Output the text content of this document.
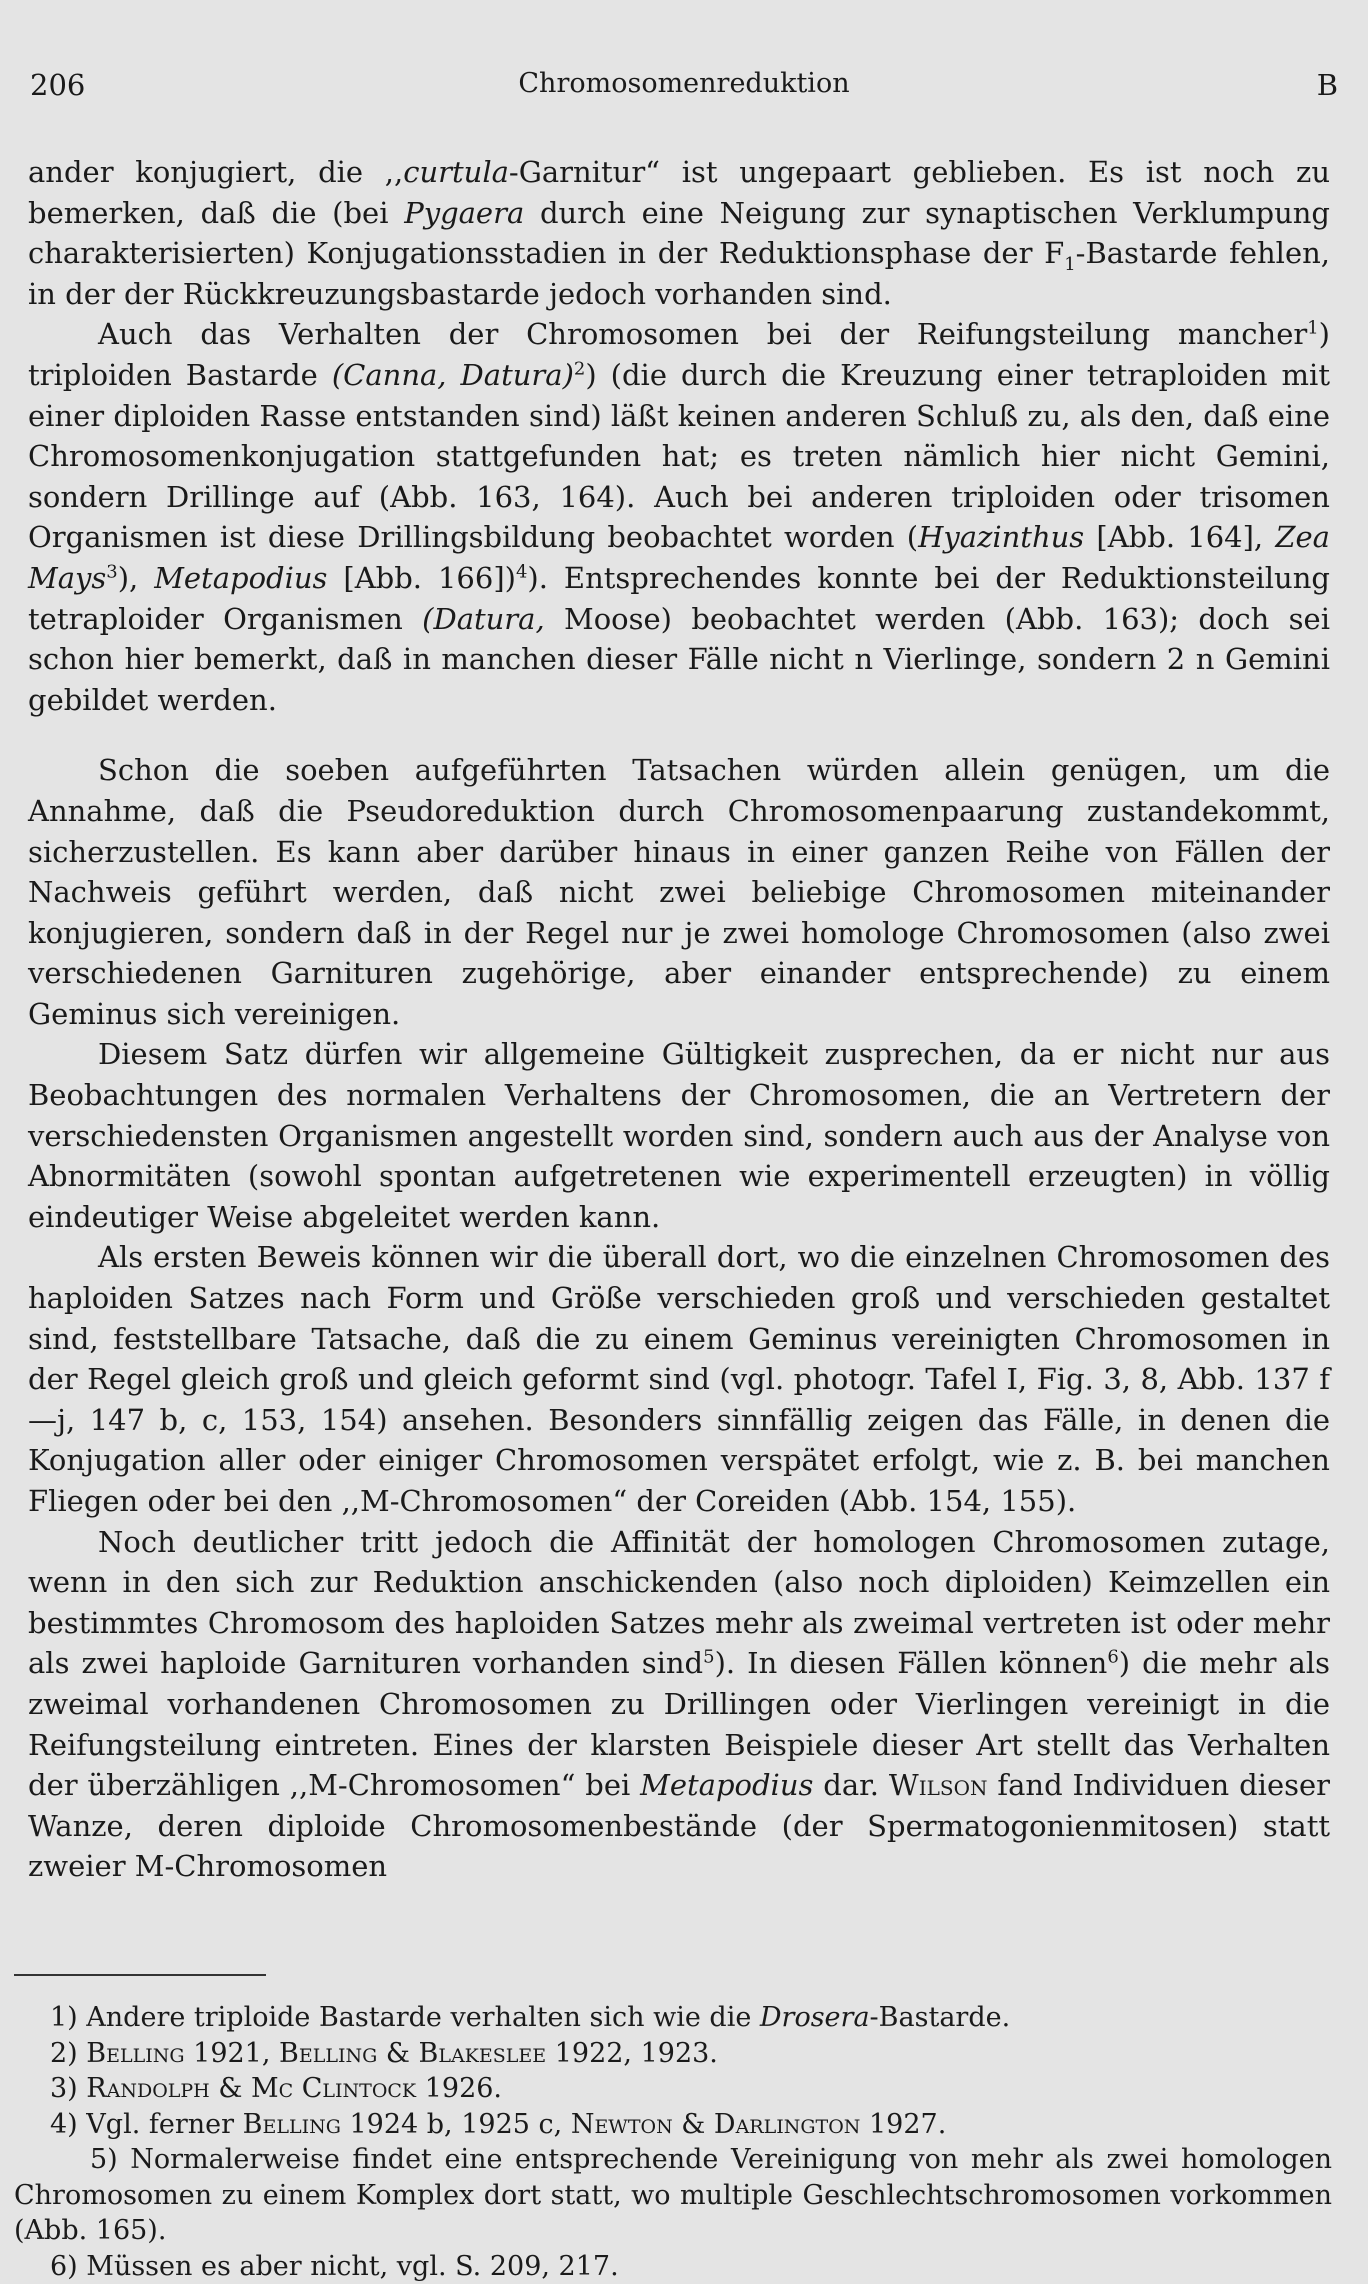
206	Chromosomenreduktion	B

ander konjugiert, die ,,curtula-Garnitur“ ist ungepaart geblieben. Es ist noch zu bemerken, daß die (bei Pygaera durch eine Neigung zur synaptischen Verklumpung charakterisierten) Konjugationsstadien in der Reduktionsphase der $F_1$-Bastarde fehlen, in der der Rückkreuzungsbastarde jedoch vorhanden sind.

Auch das Verhalten der Chromosomen bei der Reifungsteilung mancher$^1$) triploiden Bastarde (Canna, Datura)$^2$) (die durch die Kreuzung einer tetraploiden mit einer diploiden Rasse entstanden sind) läßt keinen anderen Schluß zu, als den, daß eine Chromosomenkonjugation stattgefunden hat; es treten nämlich hier nicht Gemini, sondern Drillinge auf (Abb. 163, 164). Auch bei anderen triploiden oder trisomen Organismen ist diese Drillingsbildung beobachtet worden (Hyazinthus [Abb. 164], Zea Mays$^3$), Metapodius [Abb. 166])$^4$). Entsprechendes konnte bei der Reduktionsteilung tetraploider Organismen (Datura, Moose) beobachtet werden (Abb. 163); doch sei schon hier bemerkt, daß in manchen dieser Fälle nicht n Vierlinge, sondern 2 n Gemini gebildet werden.

Schon die soeben aufgeführten Tatsachen würden allein genügen, um die Annahme, daß die Pseudoreduktion durch Chromosomenpaarung zustandekommt, sicherzustellen. Es kann aber darüber hinaus in einer ganzen Reihe von Fällen der Nachweis geführt werden, daß nicht zwei beliebige Chromosomen miteinander konjugieren, sondern daß in der Regel nur je zwei homologe Chromosomen (also zwei verschiedenen Garnituren zugehörige, aber einander entsprechende) zu einem Geminus sich vereinigen.

Diesem Satz dürfen wir allgemeine Gültigkeit zusprechen, da er nicht nur aus Beobachtungen des normalen Verhaltens der Chromosomen, die an Vertretern der verschiedensten Organismen angestellt worden sind, sondern auch aus der Analyse von Abnormitäten (sowohl spontan aufgetretenen wie experimentell erzeugten) in völlig eindeutiger Weise abgeleitet werden kann.

Als ersten Beweis können wir die überall dort, wo die einzelnen Chromosomen des haploiden Satzes nach Form und Größe verschieden groß und verschieden gestaltet sind, feststellbare Tatsache, daß die zu einem Geminus vereinigten Chromosomen in der Regel gleich groß und gleich geformt sind (vgl. photogr. Tafel I, Fig. 3, 8, Abb. 137 f—j, 147 b, c, 153, 154) ansehen. Besonders sinnfällig zeigen das Fälle, in denen die Konjugation aller oder einiger Chromosomen verspätet erfolgt, wie z. B. bei manchen Fliegen oder bei den ,,M-Chromosomen“ der Coreiden (Abb. 154, 155).

Noch deutlicher tritt jedoch die Affinität der homologen Chromosomen zutage, wenn in den sich zur Reduktion anschickenden (also noch diploiden) Keimzellen ein bestimmtes Chromosom des haploiden Satzes mehr als zweimal vertreten ist oder mehr als zwei haploide Garnituren vorhanden sind$^5$). In diesen Fällen können$^6$) die mehr als zweimal vorhandenen Chromosomen zu Drillingen oder Vierlingen vereinigt in die Reifungsteilung eintreten. Eines der klarsten Beispiele dieser Art stellt das Verhalten der überzähligen ,,M-Chromosomen“ bei Metapodius dar. Wilson fand Individuen dieser Wanze, deren diploide Chromosomenbestände (der Spermatogonienmitosen) statt zweier M-Chromosomen

1) Andere triploide Bastarde verhalten sich wie die Drosera-Bastarde.

2) Belling 1921, Belling & Blakeslee 1922, 1923.

3) Randolph & Mc Clintock 1926.

4) Vgl. ferner Belling 1924 b, 1925 c, Newton & Darlington 1927.

5) Normalerweise findet eine entsprechende Vereinigung von mehr als zwei homologen Chromosomen zu einem Komplex dort statt, wo multiple Geschlechtschromosomen vorkommen (Abb. 165).

6) Müssen es aber nicht, vgl. S. 209, 217.
